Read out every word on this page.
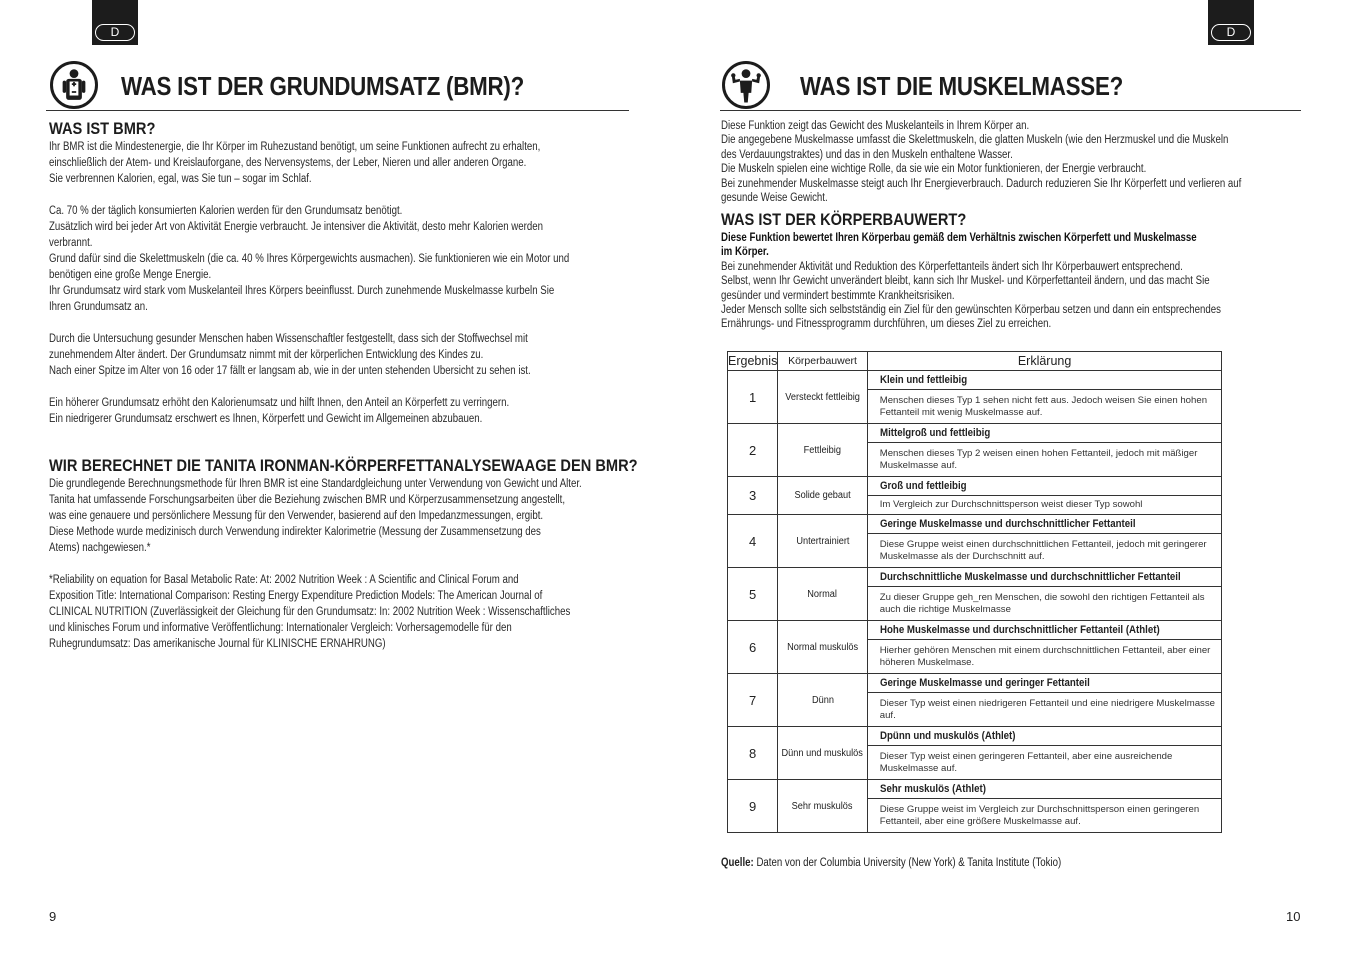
D
WAS IST DER GRUNDUMSATZ (BMR)?
WAS IST BMR?

Ihr BMR ist die Mindestenergie, die Ihr Körper im Ruhezustand benötigt, um seine Funktionen aufrecht zu erhalten,

einschließlich der Atem- und Kreislauforgane, des Nervensystems, der Leber, Nieren und aller anderen Organe.

Sie verbrennen Kalorien, egal, was Sie tun – sogar im Schlaf.

Ca. 70 % der täglich konsumierten Kalorien werden für den Grundumsatz benötigt.

Zusätzlich wird bei jeder Art von Aktivität Energie verbraucht. Je intensiver die Aktivität, desto mehr Kalorien werden

verbrannt.

Grund dafür sind die Skelettmuskeln (die ca. 40 % Ihres Körpergewichts ausmachen). Sie funktionieren wie ein Motor und

benötigen eine große Menge Energie.

Ihr Grundumsatz wird stark vom Muskelanteil Ihres Körpers beeinflusst. Durch zunehmende Muskelmasse kurbeln Sie

Ihren Grundumsatz an.

Durch die Untersuchung gesunder Menschen haben Wissenschaftler festgestellt, dass sich der Stoffwechsel mit

zunehmendem Alter ändert. Der Grundumsatz nimmt mit der körperlichen Entwicklung des Kindes zu.

Nach einer Spitze im Alter von 16 oder 17 fällt er langsam ab, wie in der unten stehenden Übersicht zu sehen ist.

Ein höherer Grundumsatz erhöht den Kalorienumsatz und hilft Ihnen, den Anteil an Körperfett zu verringern.

Ein niedrigerer Grundumsatz erschwert es Ihnen, Körperfett und Gewicht im Allgemeinen abzubauen.

WIR BERECHNET DIE TANITA IRONMAN-KÖRPERFETTANALYSEWAAGE DEN BMR?

Die grundlegende Berechnungsmethode für Ihren BMR ist eine Standardgleichung unter Verwendung von Gewicht und Alter.

Tanita hat umfassende Forschungsarbeiten über die Beziehung zwischen BMR und Körperzusammensetzung angestellt,

was eine genauere und persönlichere Messung für den Verwender, basierend auf den Impedanzmessungen, ergibt.

Diese Methode wurde medizinisch durch Verwendung indirekter Kalorimetrie (Messung der Zusammensetzung des

Atems) nachgewiesen.*

*Reliability on equation for Basal Metabolic Rate: At: 2002 Nutrition Week : A Scientific and Clinical Forum and

Exposition Title: International Comparison: Resting Energy Expenditure Prediction Models: The American Journal of

CLINICAL NUTRITION (Zuverlässigkeit der Gleichung für den Grundumsatz: In: 2002 Nutrition Week : Wissenschaftliches

und klinisches Forum und informative Veröffentlichung: Internationaler Vergleich: Vorhersagemodelle für den

Ruhegrundumsatz: Das amerikanische Journal für KLINISCHE ERNÄHRUNG)

9
D
WAS IST DIE MUSKELMASSE?

Diese Funktion zeigt das Gewicht des Muskelanteils in Ihrem Körper an.

Die angegebene Muskelmasse umfasst die Skelettmuskeln, die glatten Muskeln (wie den Herzmuskel und die Muskeln

des Verdauungstraktes) und das in den Muskeln enthaltene Wasser.

Die Muskeln spielen eine wichtige Rolle, da sie wie ein Motor funktionieren, der Energie verbraucht.

Bei zunehmender Muskelmasse steigt auch Ihr Energieverbrauch. Dadurch reduzieren Sie Ihr Körperfett und verlieren auf

gesunde Weise Gewicht.

WAS IST DER KÖRPERBAUWERT?

Diese Funktion bewertet Ihren Körperbau gemäß dem Verhältnis zwischen Körperfett und Muskelmasse

im Körper.

Bei zunehmender Aktivität und Reduktion des Körperfettanteils ändert sich Ihr Körperbauwert entsprechend.

Selbst, wenn Ihr Gewicht unverändert bleibt, kann sich Ihr Muskel- und Körperfettanteil ändern, und das macht Sie

gesünder und vermindert bestimmte Krankheitsrisiken.

Jeder Mensch sollte sich selbstständig ein Ziel für den gewünschten Körperbau setzen und dann ein entsprechendes

Ernährungs- und Fitnessprogramm durchführen, um dieses Ziel zu erreichen.

Ergebnis	Körperbauwert	Erklärung
1	Versteckt fettleibig	Klein und fettleibig
		Menschen dieses Typ 1 sehen nicht fett aus. Jedoch weisen Sie einen hohen Fettanteil mit wenig Muskelmasse auf.
2	Fettleibig	Mittelgroß und fettleibig
		Menschen dieses Typ 2 weisen einen hohen Fettanteil, jedoch mit mäßiger Muskelmasse auf.
3	Solide gebaut	Groß und fettleibig
		Im Vergleich zur Durchschnittsperson weist dieser Typ sowohl
4	Untertrainiert	Geringe Muskelmasse und durchschnittlicher Fettanteil
		Diese Gruppe weist einen durchschnittlichen Fettanteil, jedoch mit geringerer Muskelmasse als der Durchschnitt auf.
5	Normal	Durchschnittliche Muskelmasse und durchschnittlicher Fettanteil
		Zu dieser Gruppe geh_ren Menschen, die sowohl den richtigen Fettanteil als auch die richtige Muskelmasse
6	Normal muskulös	Hohe Muskelmasse und durchschnittlicher Fettanteil (Athlet)
		Hierher gehören Menschen mit einem durchschnittlichen Fettanteil, aber einer höheren Muskelmase.
7	Dünn	Geringe Muskelmasse und geringer Fettanteil
		Dieser Typ weist einen niedrigeren Fettanteil und eine niedrigere Muskelmasse auf.
8	Dünn und muskulös	Dpünn und muskulös (Athlet)
		Dieser Typ weist einen geringeren Fettanteil, aber eine ausreichende Muskelmasse auf.
9	Sehr muskulös	Sehr muskulös (Athlet)
		Diese Gruppe weist im Vergleich zur Durchschnittsperson einen geringeren Fettanteil, aber eine größere Muskelmasse auf.
Quelle: Daten von der Columbia University (New York) & Tanita Institute (Tokio)
10
